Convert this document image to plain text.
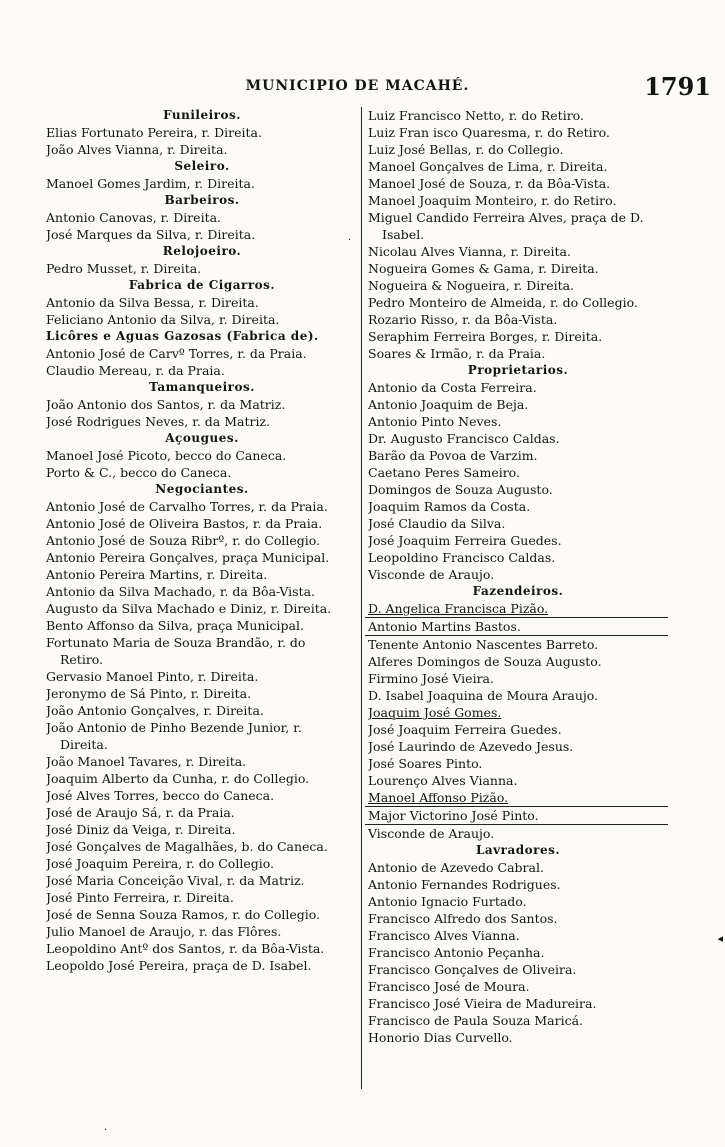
MUNICIPIO DE MACAHÉ.	1791
Funileiros.
Elias Fortunato Pereira, r. Direita.
João Alves Vianna, r. Direita.
Seleiro.
Manoel Gomes Jardim, r. Direita.
Barbeiros.
Antonio Canovas, r. Direita.
José Marques da Silva, r. Direita.
Relojoeiro.
Pedro Musset, r. Direita.
Fabrica de Cigarros.
Antonio da Silva Bessa, r. Direita.
Feliciano Antonio da Silva, r. Direita.
Licôres e Aguas Gazosas (Fabrica de).
Antonio José de Carvº Torres, r. da Praia.
Claudio Mereau, r. da Praia.
Tamanqueiros.
João Antonio dos Santos, r. da Matriz.
José Rodrigues Neves, r. da Matriz.
Açougues.
Manoel José Picoto, becco do Caneca.
Porto & C., becco do Caneca.
Negociantes.
Antonio José de Carvalho Torres, r. da Praia.
Antonio José de Oliveira Bastos, r. da Praia.
Antonio José de Souza Ribrº, r. do Collegio.
Antonio Pereira Gonçalves, praça Municipal.
Antonio Pereira Martins, r. Direita.
Antonio da Silva Machado, r. da Bôa-Vista.
Augusto da Silva Machado e Diniz, r. Direita.
Bento Affonso da Silva, praça Municipal.
Fortunato Maria de Souza Brandão, r. do
Retiro.
Gervasio Manoel Pinto, r. Direita.
Jeronymo de Sá Pinto, r. Direita.
João Antonio Gonçalves, r. Direita.
João Antonio de Pinho Bezende Junior, r.
Direita.
João Manoel Tavares, r. Direita.
Joaquim Alberto da Cunha, r. do Collegio.
José Alves Torres, becco do Caneca.
José de Araujo Sá, r. da Praia.
José Diniz da Veiga, r. Direita.
José Gonçalves de Magalhães, b. do Caneca.
José Joaquim Pereira, r. do Collegio.
José Maria Conceição Vival, r. da Matriz.
José Pinto Ferreira, r. Direita.
José de Senna Souza Ramos, r. do Collegio.
Julio Manoel de Araujo, r. das Flôres.
Leopoldino Antº dos Santos, r. da Bôa-Vista.
Leopoldo José Pereira, praça de D. Isabel.
Luiz Francisco Netto, r. do Retiro.
Luiz Fran isco Quaresma, r. do Retiro.
Luiz José Bellas, r. do Collegio.
Manoel Gonçalves de Lima, r. Direita.
Manoel José de Souza, r. da Bôa-Vista.
Manoel Joaquim Monteiro, r. do Retiro.
Miguel Candido Ferreira Alves, praça de D.
Isabel.
Nicolau Alves Vianna, r. Direita.
Nogueira Gomes & Gama, r. Direita.
Nogueira & Nogueira, r. Direita.
Pedro Monteiro de Almeida, r. do Collegio.
Rozario Risso, r. da Bôa-Vista.
Seraphim Ferreira Borges, r. Direita.
Soares & Irmão, r. da Praia.
Proprietarios.
Antonio da Costa Ferreira.
Antonio Joaquim de Beja.
Antonio Pinto Neves.
Dr. Augusto Francisco Caldas.
Barão da Povoa de Varzim.
Caetano Peres Sameiro.
Domingos de Souza Augusto.
Joaquim Ramos da Costa.
José Claudio da Silva.
José Joaquim Ferreira Guedes.
Leopoldino Francisco Caldas.
Visconde de Araujo.
Fazendeiros.
D. Angelica Francisca Pizão.
Antonio Martins Bastos.
Tenente Antonio Nascentes Barreto.
Alferes Domingos de Souza Augusto.
Firmino José Vieira.
D. Isabel Joaquina de Moura Araujo.
Joaquim José Gomes.
José Joaquim Ferreira Guedes.
José Laurindo de Azevedo Jesus.
José Soares Pinto.
Lourenço Alves Vianna.
Manoel Affonso Pizão.
Major Victorino José Pinto.
Visconde de Araujo.
Lavradores.
Antonio de Azevedo Cabral.
Antonio Fernandes Rodrigues.
Antonio Ignacio Furtado.
Francisco Alfredo dos Santos.
Francisco Alves Vianna.
Francisco Antonio Peçanha.
Francisco Gonçalves de Oliveira.
Francisco José de Moura.
Francisco José Vieira de Madureira.
Francisco de Paula Souza Maricá.
Honorio Dias Curvello.
◂
·
·
